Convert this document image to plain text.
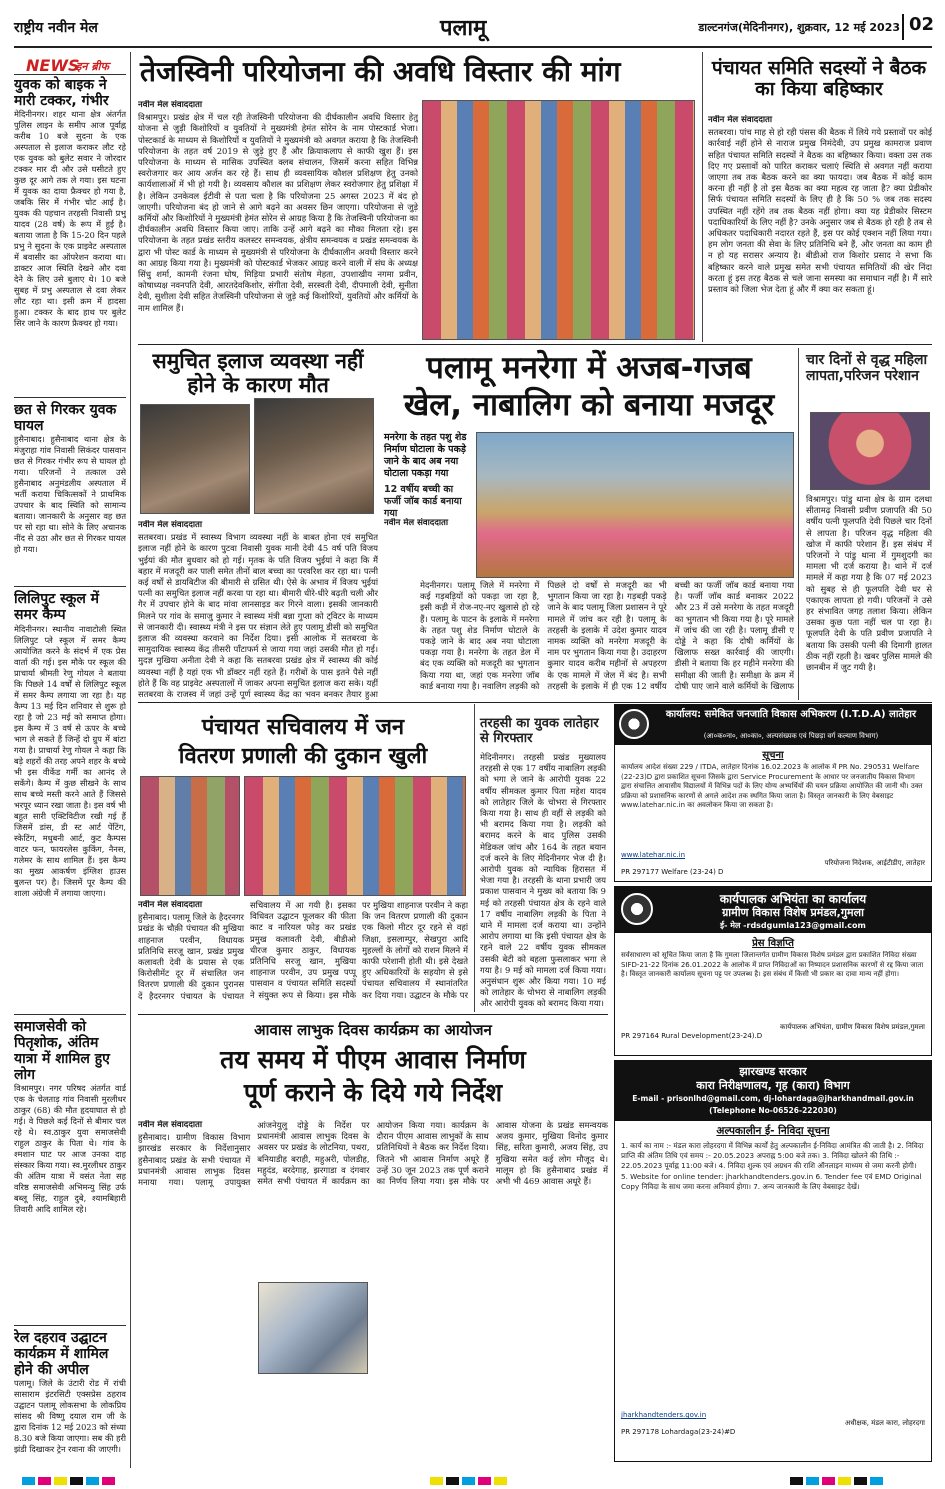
राष्ट्रीय नवीन मेल	पलामू	डाल्टनगंज(मेदिनीनगर), शुक्रवार, 12 मई 2023 02
NEWS
इन ब्रीफ
युवक को बाइक ने मारी टक्कर, गंभीर
मेदिनीनगर। शहर थाना क्षेत्र अंतर्गत पुलिस लाइन के समीप आज पूर्वाह्न करीब 10 बजे सुदना के एक अस्पताल से इलाज कराकर लौट रहे एक युवक को बुलेट सवार ने जोरदार टक्कर मार दी और उसे घसीटते हुए कुछ दूर आगे तक ले गया। इस घटना में युवक का दाया फ्रैक्चर हो गया है, जबकि सिर में गंभीर चोट आई है। युवक की पहचान तरहसी निवासी प्रभु यादव (28 वर्ष) के रूप में हुई है। बताया जाता है कि 15-20 दिन पहले प्रभु ने सुदना के एक प्राइवेट अस्पताल में बवासीर का ऑपरेशन कराया था। डाक्टर आज स्थिति देखने और दवा देने के लिए उसे बुलाए थे। 10 बजे सुबह में प्रभु अस्पताल से दवा लेकर लौट रहा था। इसी क्रम में हादसा हुआ। टक्कर के बाद हाथ पर बुलेट सिर जाने के कारण फ्रैक्चर हो गया।
छत से गिरकर युवक घायल
हुसैनाबाद। हुसैनाबाद थाना क्षेत्र के मंजुराहा गांव निवासी सिकंदर पासवान छत से गिरकर गंभीर रूप से घायल हो गया। परिजनों ने तत्काल उसे हुसैनाबाद अनुमंडलीय अस्पताल में भर्ती कराया चिकित्सकों ने प्राथमिक उपचार के बाद स्थिति को सामान्य बताया। जानकारी के अनुसार वह छत पर सो रहा था। सोने के लिए अचानक नींद से उठा और छत से गिरकर घायल हो गया।
लिलिपुट स्कूल में समर कैम्प
मेदिनीनगर। स्थानीय नावाटोली स्थित लिलिपुट प्ले स्कूल में समर कैम्प आयोजित करने के संदर्भ में एक प्रेस वार्ता की गई। इस मौके पर स्कूल की प्राचार्या श्रीमती रेणु गोयल ने बताया कि पिछले 14 वर्षों से लिलिपुट स्कूल में समर कैम्प लगाया जा रहा है। यह कैम्प 13 मई दिन शनिवार से शुरू हो रहा है जो 23 मई को समाप्त होगा। इस कैम्प में 3 वर्ष से ऊपर के बच्चे भाग ले सकते हैं जिन्हें दो ग्रुप में बांटा गया है। प्राचार्या रेणु गोयल ने कहा कि बड़े शहरों की तरह अपने शहर के बच्चे भी इस वीकेंड गर्मी का आनंद ले सकेंगे। कैम्प में कुछ सीखने के साथ साथ बच्चे मस्ती करने आते हैं जिससे भरपूर ध्यान रखा जाता है। इस वर्ष भी बहुत सारी एक्टिविटीज रखी गई हैं जिसमें डांस, डी स्ट आर्ट पेंटिंग, स्केटिंग, मधुबनी आर्ट, कुट कैम्पस वाटर फन, फायरलेस कुकिंग, नैनस, गलेमर के साथ शामिल हैं। इस कैम्प का मुख्य आकर्षण इंग्लिश हाउस बुलन्त पर) है। जिसमें पूर कैम्प की शाला अंग्रेजी में लगाया जाएगा।
समाजसेवी को पितृशोक, अंतिम यात्रा में शामिल हुए लोग
विश्रामपुर। नगर परिषद अंतर्गत वार्ड एक के चेलताड़ गांव निवासी मुरलीधर ठाकुर (68) की मौत हृदयाघात से हो गई। वे पिछले कई दिनों से बीमार चल रहे थे। स्व.ठाकुर युवा समाजसेवी राहुल ठाकुर के पिता थे। गांव के श्मशान घाट पर आज उनका दाह संस्कार किया गया। स्व.मुरलीधर ठाकुर की अंतिम यात्रा में वसंत नेता सह वरिष्ठ समाजसेवी अभिमन्यु सिंह उर्फ बब्लू सिंह, राहुल दुबे, श्यामबिहारी तिवारी आदि शामिल रहे।
रेल दहराव उद्घाटन कार्यक्रम में शामिल होने की अपील
पलामू। जिले के उंटारी रोड में रांची सासाराम इंटरसिटी एक्सप्रेस ठहराव उद्घाटन पलामू लोकसभा के लोकप्रिय सांसद श्री विष्णु दयाल राम जी के द्वारा दिनांक 12 मई 2023 को संध्या 8.30 बजे किया जाएगा। सब की हरी झंडी दिखाकर ट्रेन रवाना की जाएगी।
तेजस्विनी परियोजना की अवधि विस्तार की मांग
नवीन मेल संवाददाता
विश्रामपुर। प्रखंड क्षेत्र में चल रही तेजस्विनी परियोजना की दीर्घकालीन अवधि विस्तार हेतु योजना से जुड़ी किशोरियों व युवतियों ने मुख्यमंत्री हेमंत सोरेन के नाम पोस्टकार्ड भेजा। पोस्टकार्ड के माध्यम से किशोरियों व युवतियों ने मुख्यमंत्री को अवगत कराया है कि तेजस्विनी परियोजना के तहत वर्ष 2019 से जुड़े हुए हैं और क्रियाकलाप से काफी खुश हैं। इस परियोजना के माध्यम से मासिक उपस्थित क्लब संचालन, जिसमें करना सहित विभिन्न स्वरोजगार कर आय अर्जन कर रहे हैं। साथ ही व्यवसायिक कौशल प्रशिक्षण हेतु उनको कार्यशालाओं में भी हो गयी है। व्यवसाय कौशल का प्रशिक्षण लेकर स्वरोजगार हेतु प्रशिक्षा में है। लेकिन उनकेवल ईटीवी से पता चला है कि परियोजना 25 अगस्त 2023 में बंद हो जाएगी। परियोजना बंद हो जाने से आगे बढ़ने का अवसर छिन जाएगा। परियोजना से जुड़े कर्मियों और किशोरियों ने मुख्यमंत्री हेमंत सोरेन से आग्रह किया है कि तेजस्विनी परियोजना का दीर्घकालीन अवधि विस्तार किया जाए। ताकि उन्हें आगे बढ़ने का मौका मिलता रहे। इस परियोजना के तहत प्रखंड स्तरीय कलस्टर समन्वयक, क्षेत्रीय समन्वयक व प्रखंड समन्वयक के द्वारा भी पोस्ट कार्ड के माध्यम से मुख्यमंत्री से परियोजना के दीर्घकालीन अवधी विस्तार करने का आग्रह किया गया है। मुख्यमंत्री को पोस्टकार्ड भेजकर आग्रह करने वाली में संघ के अध्यक्ष सिंधु शर्मा, कामनी रंजना घोष, मिड़िया प्रभारी संतोष मेहता, उपशाखीय नगमा प्रवीन, कोषाध्यक्ष नवनपति देवी, आरतदेवकिशोर, संगीता देवी, सरस्वती देवी, दीपमाली देवी, सुनीता देवी, सुशीला देवी सहित तेजस्विनी परियोजना से जुड़े कई किशोरियों, युवतियों और कर्मियों के नाम शामिल हैं।
पंचायत समिति सदस्यों ने बैठक का किया बहिष्कार
नवीन मेल संवाददाता
सतबरवा। पांच माह से हो रही पंसस की बैठक में लिये गये प्रस्तावों पर कोई कार्रवाई नहीं होने से नाराज प्रमुख निमंदेवी, उप प्रमुख कामराज प्रवाण सहित पंचायत समिति सदस्यों ने बैठक का बहिष्कार किया। वक्ता उस तक दिए गए प्रस्तावों को पारित कराकर चलाएं स्थिति से अवगत नहीं कराया जाएगा तब तक बैठक करने का क्या फायदा। जब बैठक में कोई काम करना ही नहीं है तो इस बैठक का क्या महत्व रह जाता है? क्या प्रेडीकोर सिर्फ पंचायत समिति सदस्यों के लिए ही है कि 50 % जब तक सदस्य उपस्थित नहीं रहेंगे तब तक बैठक नहीं होगा। क्या यह प्रेडीकोर सिस्टम पदाधिकारियों के लिए नहीं है? उनके अनुसार जब से बैठक हो रही है तब से अधिकतर पदाधिकारी नदारत रहते हैं, इस पर कोई एक्शन नहीं लिया गया। हम लोग जनता की सेवा के लिए प्रतिनिधि बने हैं, और जनता का काम ही न हो यह सरासर अन्याय है। बीडीओ राज किशोर प्रसाद ने सभा कि बहिष्कार करने वाले प्रमुख समेत सभी पंचायत समितियों की खेर निंदा करता हूं इस तरह बैठक से चले जाना समस्या का समाधान नहीं है। मैं सारे प्रस्ताव को जिला भेज देता हूं और मैं क्या कर सकता हूं।
समुचित इलाज व्यवस्था नहीं होने के कारण मौत
नवीन मेल संवाददाता
सतबरवा। प्रखंड में स्वास्थ्य विभाग व्यवस्था नहीं के बाबत होना एवं समुचित इलाज नहीं होने के कारण पुटवा निवासी युवक मानी देवी 45 वर्ष पति विजय भुईयां की मौत बुधवार को हो गई। मृतक के पति विजय भुईयां ने कहा कि मैं बहार में मजदूरी कर पाली समेत तीनों बाल बच्चा का परवरिश कर रहा था। पत्नी कई वर्षों से डायबिटीज की बीमारी से ग्रसित थी। ऐसे के अभाव में विजय भुईयां पत्नी का समुचित इलाज नहीं करवा पा रहा था। बीमारी धीरे-धीरे बढ़ती चली और गैर में उपचार होने के बाद मांवा लानसाइड कर गिरने वाला। इसकी जानकारी मिलने पर गांव के समाजु कुमार ने स्वास्थ्य मंत्री बन्ना गुप्ता को ट्विटर के माध्यम से जानकारी दी। स्वास्थ्य मंत्री ने इस पर संज्ञान लेते हुए पलामू डीसी को समुचित इलाज की व्यवस्था करवाने का निर्देश दिया। इसी आलोक में सतबरवा के सामुदायिक स्वास्थ्य केंद्र तीसरी पाँटाफर्म से जाया गया जहां उसकी मौत हो गई। मुदज्ञ मुखिया अनीता देवी ने कहा कि सतबरवा प्रखंड क्षेत्र में स्वास्थ्य की कोई व्यवस्था नहीं है यहां एक भी डॉक्टर नहीं रहते हैं। गरीबों के पास इतने पैसे नहीं होते हैं कि वह प्राइवेट अस्पतालों में जाकर अपना समुचित इलाज करा सके। यहीं सतबरवा के राजस्व में जहां उन्हें पूर्ण स्वास्थ्य केंद्र का भवन बनकर तैयार हुआ
पलामू मनरेगा में अजब-गजब
खेल, नाबालिग को बनाया मजदूर
मनरेगा के तहत पशु शेड निर्माण घोटाला के पकड़े जाने के बाद अब नया घोटाला पकड़ा गया
12 वर्षीय बच्ची का फर्जी जॉब कार्ड बनाया गया
नवीन मेल संवाददाता
मेदनीनगर। पलामू जिले में मनरेगा में कई गड़बड़ियों को पकड़ा जा रहा है, इसी कड़ी में रोज-नए-नए खुलासे हो रहे हैं। पलामू के पाटन के इलाके में मनरेगा के तहत पशु शेड निर्माण घोटाले के पकड़े जाने के बाद अब नया घोटाला पकड़ा गया है। मनरेगा के तहत डेल में बंद एक व्यक्ति को मजदूरी का भुगतान किया गया था, जहां एक मनरेगा जॉब कार्ड बनाया गया है। नवालिग लड़की को पिछले दो वर्षों से मजदूरी का भी भुगतान किया जा रहा है। गड़बड़ी पकड़े जाने के बाद पलामू जिला प्रशासन ने पूरे मामले में जांच कर रही है। पलामू के तरहसी के इलाके में उदेश कुमार यादव नामक व्यक्ति को मनरेगा मजदूरी के नाम पर भुगतान किया गया है। उदाहरण कुमार यादव करीब महीनों से अपहरण के एक मामले में जेल में बंद है। सभी तरहसी के इलाके में ही एक 12 वर्षीय बच्ची का फर्जी जॉब कार्ड बनाया गया है। फर्जी जॉब कार्ड बनाकर 2022 और 23 में उसे मनरेगा के तहत मजदूरी का भुगतान भी किया गया है। पूरे मामले में जांच की जा रही है। पलामू डीसी ए दोड्डे ने कहा कि दोषी कर्मियों के खिलाफ सख्त कार्रवाई की जाएगी। डीसी ने बताया कि हर महीने मनरेगा की समीक्षा की जाती है। समीक्षा के क्रम में दोषी पाए जाने वाले कर्मियों के खिलाफ
चार दिनों से वृद्ध महिला लापता,परिजन परेशान
विश्रामपुर। पांडु थाना क्षेत्र के ग्राम दलथा सीतामढ़ निवासी प्रवीण प्रजापति की 50 वर्षीय पत्नी फूलपति देवी पिछले चार दिनों से लापता है। परिजन वृद्ध महिला की खोज में काफी परेशान हैं। इस संबंध में परिजनों ने पांडु थाना में गुमशुदगी का मामला भी दर्ज कराया है। थाने में दर्ज मामले में कहा गया है कि 07 मई 2023 को सुबह से ही फूलपति देवी घर से एकाएक लापता हो गयी। परिजनों ने उसे हर संभावित जगह तलाश किया। लेकिन उसका कुछ पता नहीं चल पा रहा है। फूलपति देवी के पति प्रवीण प्रजापति ने बताया कि उसकी पत्नी की दिमागी हालत ठीक नहीं रहती है। खबर पुलिस मामले की छानबीन में जुट गयी है।
पंचायत सचिवालय में जन
वितरण प्रणाली की दुकान खुली
नवीन मेल संवाददाता
हुसैनाबाद। पलामू जिले के हैदरनगर प्रखंड के चौक़ी पंचायत की मुखिया शाहनाज परवीन, विधायक प्रतिनिधि सरजू खान, प्रखंड प्रमुख कलावती देवी के प्रयास से एक किरोसीमेंट दूर में संचालित जन वितरण प्रणाली की दुकान पुरानस दें हैदरनगर पंचायत के पंचायत सचिवालय में आ गयी है। इसका विधिवत उद्घाटन फूलकर की फीता काट व नारियल फोड़ कर प्रखंड प्रमुख कलावती देवी, बीडीओ धीरज कुमार ठाकुर, विधायक प्रतिनिधि सरजू खान, मुखिया शाहनाज परवीन, उप प्रमुख पप्पू पासवान व पंचायत समिति सदस्यों ने संयुक्त रूप से किया। इस मौके पर मुखिया शाहनाज परवीन ने कहा कि जन वितरण प्रणाली की दुकान एक किलो मीटर दूर रहने से वहां जिक्षा, इसलाम्पुर, सेखपुरा आदि मुहल्लों के लोगों को राशन मिलने में काफी परेशानी होती थी। इसे देखते हुए अधिकारियों के सहयोग से इसे पंचायत सचिवालय में स्थानांतरित कर दिया गया। उद्घाटन के मौके पर
तरहसी का युवक लातेहार से गिरफ्तार
मेदिनीनगर। तरहसी प्रखंड मुख्यालय तरहसी से एक 17 वर्षीय नाबालिग लड़की को भगा ले जाने के आरोपी युवक 22 वर्षीय सीमकल कुमार पिता महेश यादव को लातेहार जिले के चोभरा से गिरफ्तार किया गया है। साथ ही वहीं से लड़की को भी बरामद किया गया है। लड़की को बरामद करने के बाद पुलिस उसकी मेडिकल जांच और 164 के तहत बयान दर्ज करने के लिए मेदिनीनगर भेज दी है। आरोपी युवक को न्यायिक हिरासत में भेजा गया है। तरहसी के थाना प्रभारी जय प्रकाश पासवान ने मुख्य को बताया कि 9 मई को तरहसी पंचायत क्षेत्र के रहने वाले 17 वर्षीय नाबालिग लड़की के पिता ने थाने में मामला दर्ज कराया था। उन्होंने आरोप लगाया था कि इसी पंचायत क्षेत्र के रहने वाले 22 वर्षीय युवक सीमकल उसकी बेटी को बहला फुसलाकर भगा ले गया है। 9 मई को मामला दर्ज किया गया। अनुसंधान शुरू और किया गया। 10 मई को लातेहार के चोभरा से नाबालिग लड़की और आरोपी युवक को बरामद किया गया।
कार्यालय: समेकित जनजाति विकास अभिकरण (I.T.D.A) लातेहार
(आ०क०ना०, आ०का०, अल्पसंख्यक एवं पिछड़ा वर्ग कल्याण विभाग)
सूचना
कार्यालय आदेश संख्या 229 / ITDA, लातेहार दिनांक 16.02.2023 के आलोक में PR No. 290531 Welfare (22-23)D द्वारा प्रकाशित सूचना जिसके द्वारा Service Procurement के आधार पर जनजातीय विकास विभाग द्वारा संचालित आवासीय विद्यालयों में विभिन्न पदों के लिए योग्य अभ्यर्थियों की चयन प्रक्रिया आयोजित की जानी थी। उक्त प्रक्रिया को प्रशासनिक कारणों से अगले आदेश तक स्थगित किया जाता है। विस्तृत जानकारी के लिए वेबसाइट www.latehar.nic.in का अवलोकन किया जा सकता है।
www.latehar.nic.in
परियोजना निदेशक, आईटीडीए, लातेहार
PR 297177 Welfare (23-24) D
कार्यपालक अभियंता का कार्यालय
ग्रामीण विकास विशेष प्रमंडल,गुमला
ई- मेल -rdsdgumla123@gmail.com
प्रेस विज्ञप्ति
सर्वसाधारण को सूचित किया जाता है कि गुमला जिलान्तर्गत ग्रामीण विकास विशेष प्रमंडल द्वारा प्रकाशित निविदा संख्या SIFD-21-22 दिनांक 26.01.2022 के आलोक में प्राप्त निविदाओं का निष्पादन प्रशासनिक कारणों से रद्द किया जाता है। विस्तृत जानकारी कार्यालय सूचना पट्ट पर उपलब्ध है। इस संबंध में किसी भी प्रकार का दावा मान्य नहीं होगा।
कार्यपालक अभियंता, ग्रामीण विकास विशेष प्रमंडल,गुमला
PR 297164 Rural Development(23-24).D
आवास लाभुक दिवस कार्यक्रम का आयोजन
तय समय में पीएम आवास निर्माण
पूर्ण कराने के दिये गये निर्देश
नवीन मेल संवाददाता
हुसैनाबाद। ग्रामीण विकास विभाग झारखंड सरकार के निर्देशानुसार हुसैनाबाद प्रखंड के सभी पंचायत में प्रधानमंत्री आवास लाभुक दिवस मनाया गया। पलामू उपायुक्त आंजनेयुलु दोड्डे के निर्देश पर प्रधानमंत्री आवास लाभुक दिवस के अवसर पर प्रखंड के लोटनिया, पथरा, बनियाडीह बराही, महुअरी, पोलडीह, महुदंड, बरदेगाह, झरगाडा व दंगवार समेत सभी पंचायत में कार्यक्रम का आयोजन किया गया। कार्यक्रम के दौरान पीएम आवास लाभुकों के साथ प्रतिनिधियों ने बैठक कर निर्देश दिया। जितने भी आवास निर्माण अधूरे हैं उन्हें 30 जून 2023 तक पूर्ण कराने का निर्णय लिया गया। इस मौके पर आवास योजना के प्रखंड समन्वयक अजय कुमार, मुखिया विनोद कुमार सिंह, सरिता कुमारी, अजय सिंह, उप मुखिया समेत कई लोग मौजूद थे। मालूम हो कि हुसैनाबाद प्रखंड में अभी भी 469 आवास अधूरे हैं।
झारखण्ड सरकार
कारा निरीक्षणालय, गृह (कारा) विभाग
E-mail - prisonlhd@gmail.com, dj-lohardaga@jharkhandmail.gov.in
(Telephone No-06526-222030)
अल्पकालीन ई- निविदा सूचना
1. कार्य का नाम :- मंडल कारा लोहरदगा में विभिन्न कार्यों हेतु अल्पकालीन ई-निविदा आमंत्रित की जाती है। 2. निविदा प्राप्ति की अंतिम तिथि एवं समय :- 20.05.2023 अपराह्न 5:00 बजे तक। 3. निविदा खोलने की तिथि :- 22.05.2023 पूर्वाह्न 11:00 बजे। 4. निविदा शुल्क एवं अग्रधन की राशि ऑनलाइन माध्यम से जमा करनी होगी। 5. Website for online tender: jharkhandtenders.gov.in 6. Tender fee एवं EMD Original Copy निविदा के साथ जमा करना अनिवार्य होगा। 7. अन्य जानकारी के लिए वेबसाइट देखें।
jharkhandtenders.gov.in
अधीक्षक, मंडल कारा, लोहरदगा
PR 297178 Lohardaga(23-24)#D
